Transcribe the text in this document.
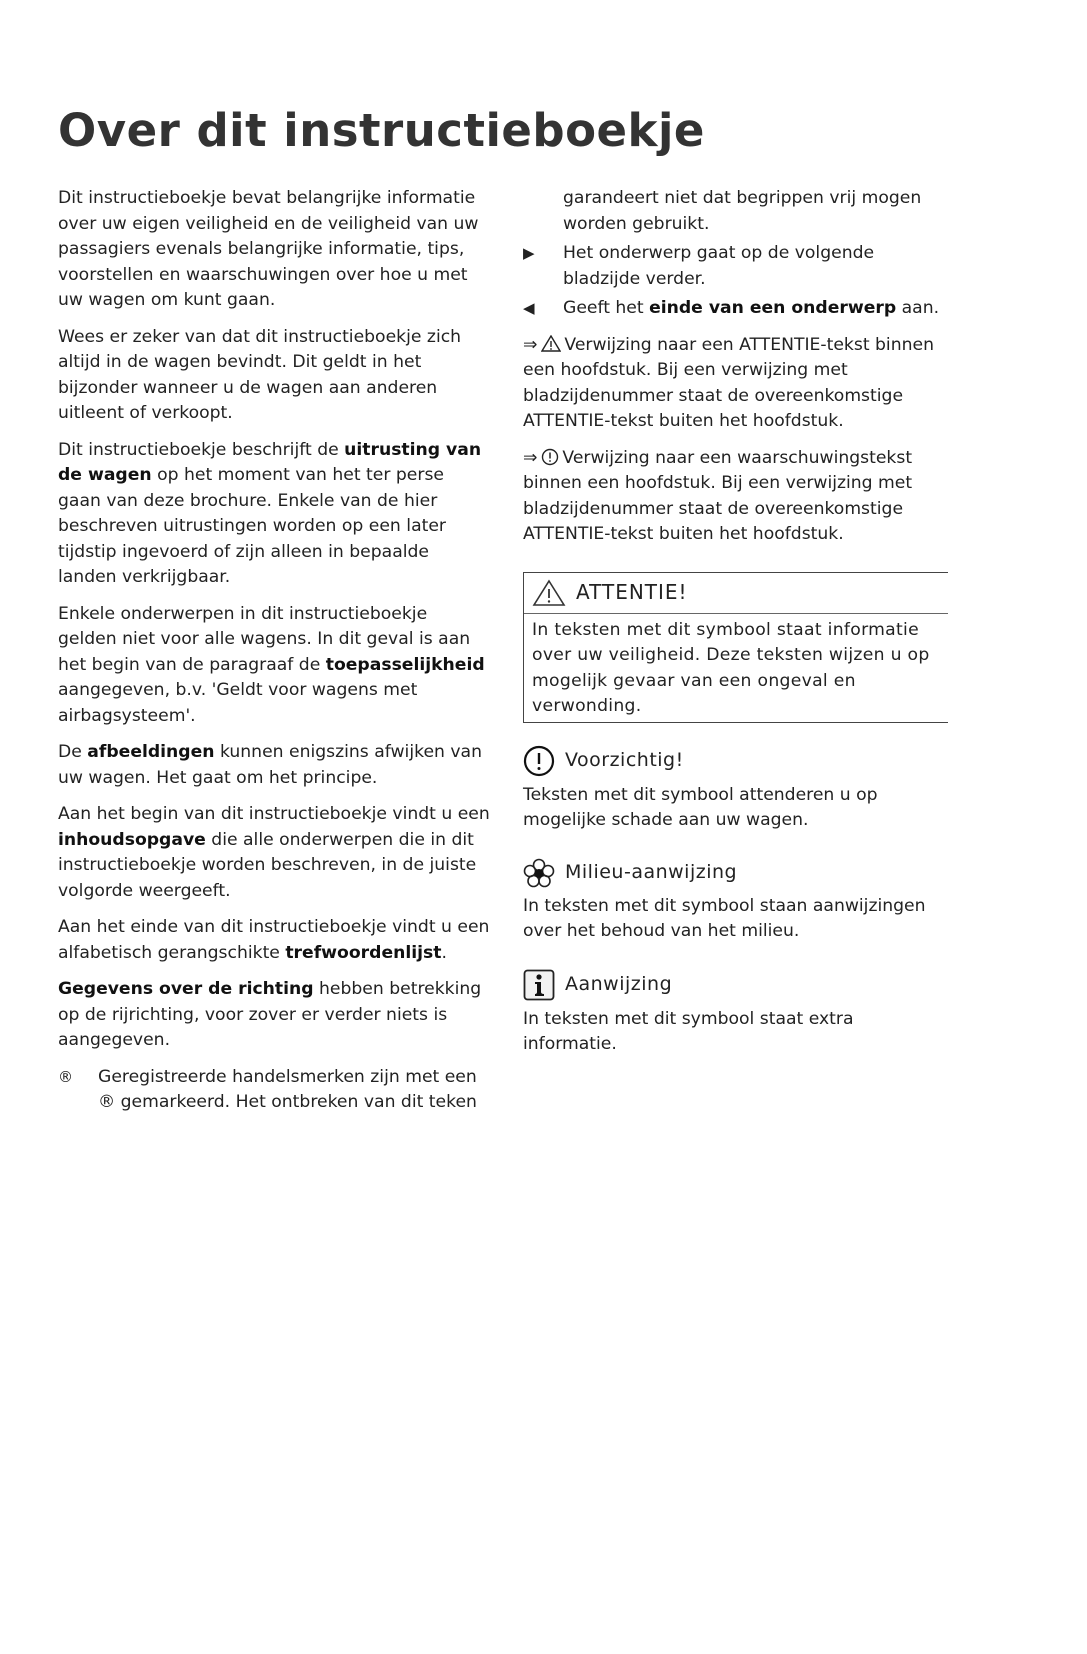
Over dit instructieboekje

Dit instructieboekje bevat belangrijke informatie over uw eigen veiligheid en de veiligheid van uw passagiers evenals belangrijke informatie, tips, voorstellen en waarschuwingen over hoe u met uw wagen om kunt gaan.

Wees er zeker van dat dit instructieboekje zich altijd in de wagen bevindt. Dit geldt in het bijzonder wanneer u de wagen aan anderen uitleent of verkoopt.

Dit instructieboekje beschrijft de uitrusting van de wagen op het moment van het ter perse gaan van deze brochure. Enkele van de hier beschreven uitrustingen worden op een later tijdstip ingevoerd of zijn alleen in bepaalde landen verkrijgbaar.

Enkele onderwerpen in dit instructieboekje gelden niet voor alle wagens. In dit geval is aan het begin van de paragraaf de toepasselijkheid aangegeven, b.v. 'Geldt voor wagens met airbagsysteem'.

De afbeeldingen kunnen enigszins afwijken van uw wagen. Het gaat om het principe.

Aan het begin van dit instructieboekje vindt u een inhoudsopgave die alle onderwerpen die in dit instructieboekje worden beschreven, in de juiste volgorde weergeeft.

Aan het einde van dit instructieboekje vindt u een alfabetisch gerangschikte trefwoordenlijst.

Gegevens over de richting hebben betrekking op de rijrichting, voor zover er verder niets is aangegeven.

® Geregistreerde handelsmerken zijn met een ® gemarkeerd. Het ontbreken van dit teken
garandeert niet dat begrippen vrij mogen worden gebruikt.
▶ Het onderwerp gaat op de volgende bladzijde verder.
◀ Geeft het einde van een onderwerp aan.

⇒ Verwijzing naar een ATTENTIE-tekst binnen een hoofdstuk. Bij een verwijzing met bladzijdenummer staat de overeenkomstige ATTENTIE-tekst buiten het hoofdstuk.

⇒ Verwijzing naar een waarschuwingstekst binnen een hoofdstuk. Bij een verwijzing met bladzijdenummer staat de overeenkomstige ATTENTIE-tekst buiten het hoofdstuk.

ATTENTIE!
In teksten met dit symbool staat informatie over uw veiligheid. Deze teksten wijzen u op mogelijk gevaar van een ongeval en verwonding.
Voorzichtig!
Teksten met dit symbool attenderen u op mogelijke schade aan uw wagen.
Milieu-aanwijzing
In teksten met dit symbool staan aanwijzingen over het behoud van het milieu.
Aanwijzing
In teksten met dit symbool staat extra informatie.
